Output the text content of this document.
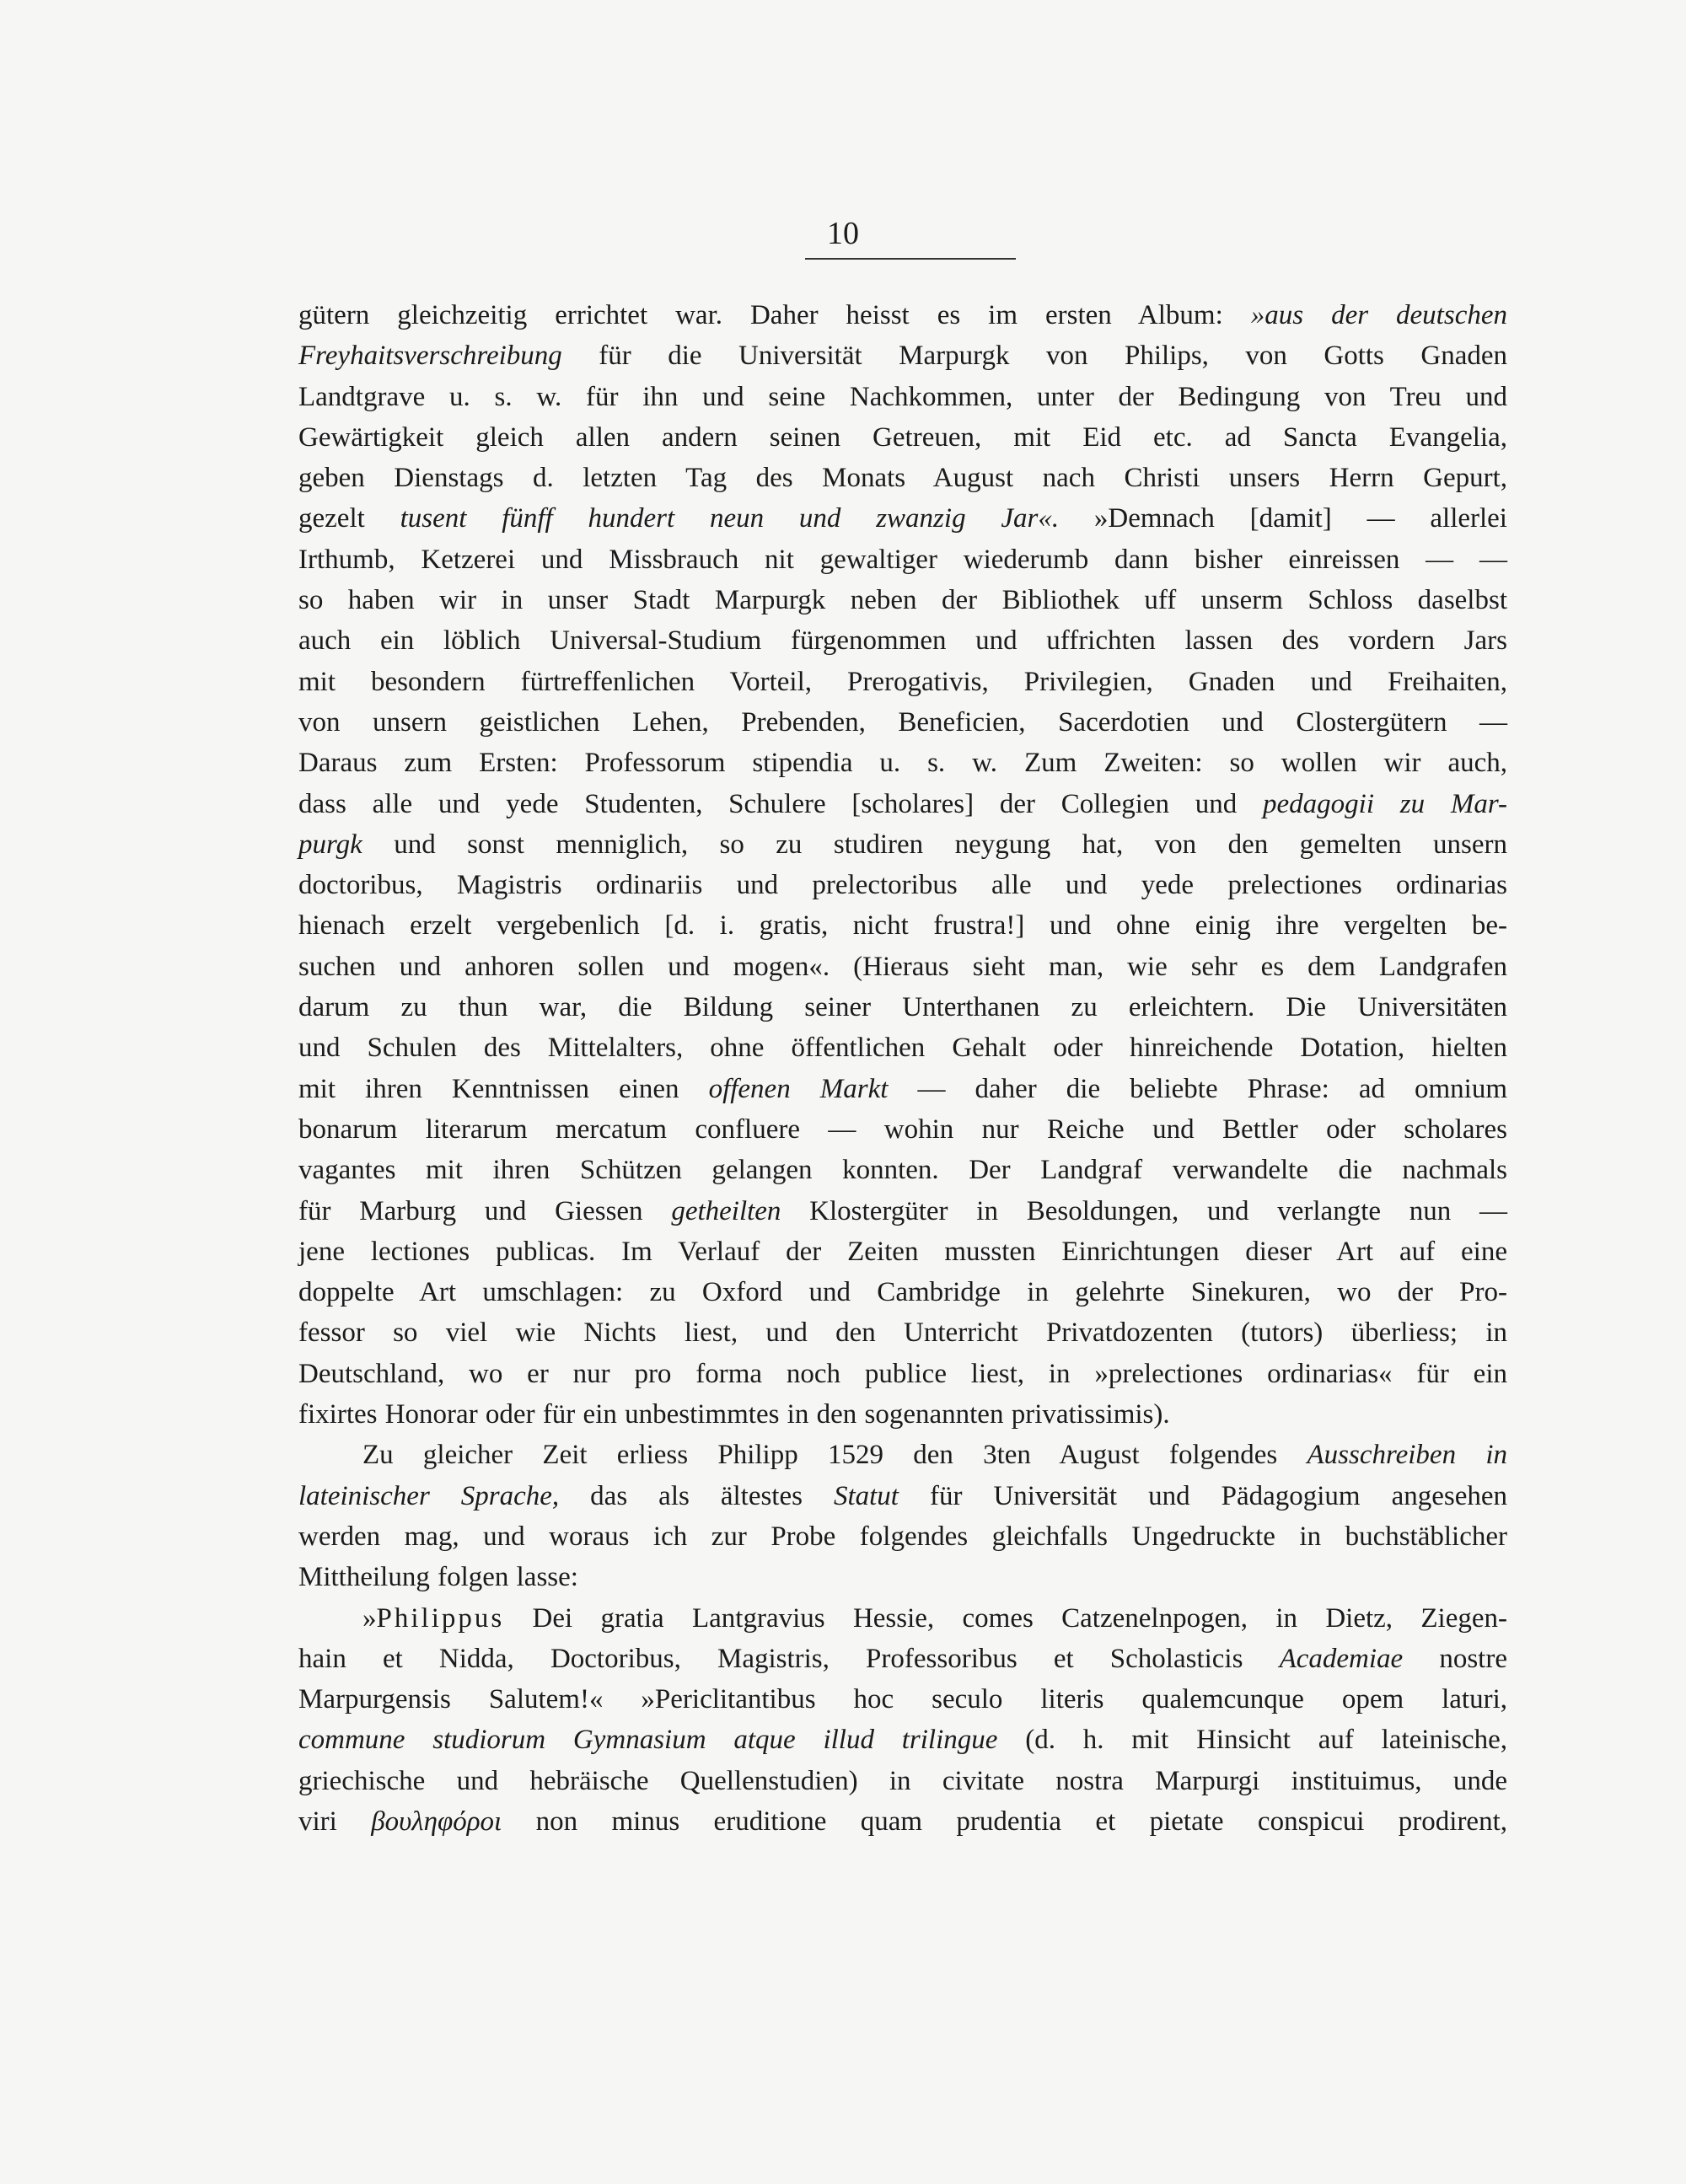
10
gütern gleichzeitig errichtet war. Daher heisst es im ersten Album: »aus der deutschen
Freyhaitsverschreibung für die Universität Marpurgk von Philips, von Gotts Gnaden
Landtgrave u. s. w. für ihn und seine Nachkommen, unter der Bedingung von Treu und
Gewärtigkeit gleich allen andern seinen Getreuen, mit Eid etc. ad Sancta Evangelia,
geben Dienstags d. letzten Tag des Monats August nach Christi unsers Herrn Gepurt,
gezelt tusent fünff hundert neun und zwanzig Jar«. »Demnach [damit] — allerlei
Irthumb, Ketzerei und Missbrauch nit gewaltiger wiederumb dann bisher einreissen — —
so haben wir in unser Stadt Marpurgk neben der Bibliothek uff unserm Schloss daselbst
auch ein löblich Universal-Studium fürgenommen und uffrichten lassen des vordern Jars
mit besondern fürtreffenlichen Vorteil, Prerogativis, Privilegien, Gnaden und Freihaiten,
von unsern geistlichen Lehen, Prebenden, Beneficien, Sacerdotien und Clostergütern —
Daraus zum Ersten: Professorum stipendia u. s. w. Zum Zweiten: so wollen wir auch,
dass alle und yede Studenten, Schulere [scholares] der Collegien und pedagogii zu Mar-
purgk und sonst menniglich, so zu studiren neygung hat, von den gemelten unsern
doctoribus, Magistris ordinariis und prelectoribus alle und yede prelectiones ordinarias
hienach erzelt vergebenlich [d. i. gratis, nicht frustra!] und ohne einig ihre vergelten be-
suchen und anhoren sollen und mogen«. (Hieraus sieht man, wie sehr es dem Landgrafen
darum zu thun war, die Bildung seiner Unterthanen zu erleichtern. Die Universitäten
und Schulen des Mittelalters, ohne öffentlichen Gehalt oder hinreichende Dotation, hielten
mit ihren Kenntnissen einen offenen Markt — daher die beliebte Phrase: ad omnium
bonarum literarum mercatum confluere — wohin nur Reiche und Bettler oder scholares
vagantes mit ihren Schützen gelangen konnten. Der Landgraf verwandelte die nachmals
für Marburg und Giessen getheilten Klostergüter in Besoldungen, und verlangte nun —
jene lectiones publicas. Im Verlauf der Zeiten mussten Einrichtungen dieser Art auf eine
doppelte Art umschlagen: zu Oxford und Cambridge in gelehrte Sinekuren, wo der Pro-
fessor so viel wie Nichts liest, und den Unterricht Privatdozenten (tutors) überliess; in
Deutschland, wo er nur pro forma noch publice liest, in »prelectiones ordinarias« für ein
fixirtes Honorar oder für ein unbestimmtes in den sogenannten privatissimis).
Zu gleicher Zeit erliess Philipp 1529 den 3ten August folgendes Ausschreiben in
lateinischer Sprache, das als ältestes Statut für Universität und Pädagogium angesehen
werden mag, und woraus ich zur Probe folgendes gleichfalls Ungedruckte in buchstäblicher
Mittheilung folgen lasse:
»Philippus Dei gratia Lantgravius Hessie, comes Catzenelnpogen, in Dietz, Ziegen-
hain et Nidda, Doctoribus, Magistris, Professoribus et Scholasticis Academiae nostre
Marpurgensis Salutem!« »Periclitantibus hoc seculo literis qualemcunque opem laturi,
commune studiorum Gymnasium atque illud trilingue (d. h. mit Hinsicht auf lateinische,
griechische und hebräische Quellenstudien) in civitate nostra Marpurgi instituimus, unde
viri βουληφόροι non minus eruditione quam prudentia et pietate conspicui prodirent,
